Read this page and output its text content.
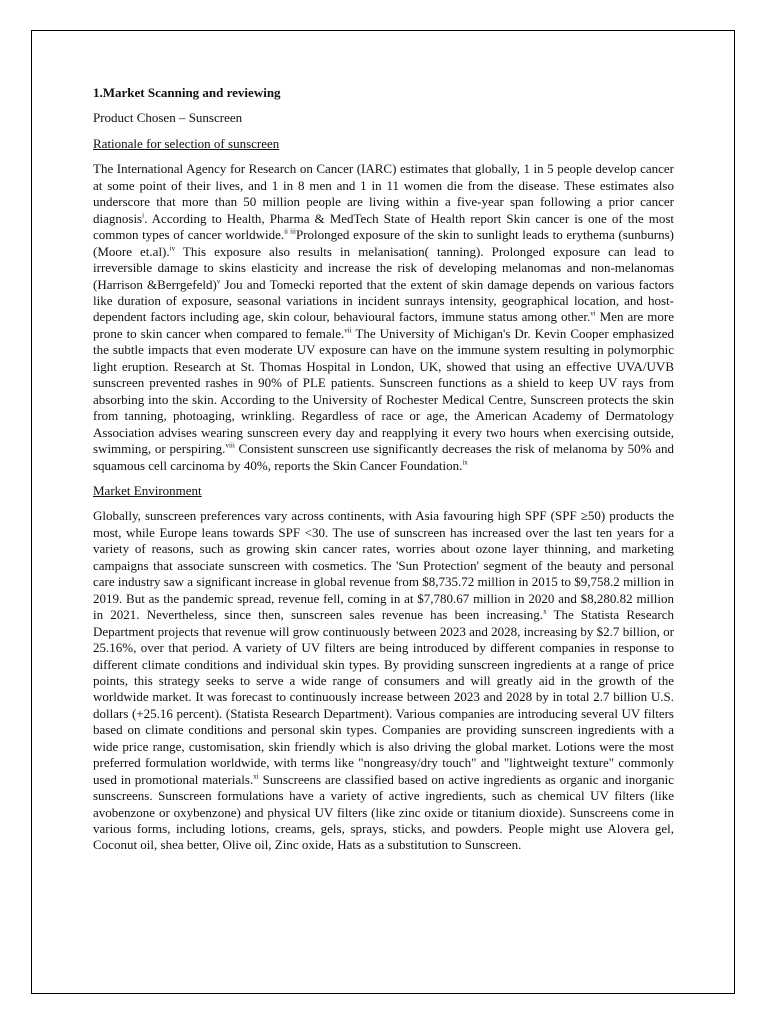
1.Market Scanning and reviewing
Product Chosen – Sunscreen
Rationale for selection of sunscreen
The International Agency for Research on Cancer (IARC) estimates that globally, 1 in 5 people develop cancer at some point of their lives, and 1 in 8 men and 1 in 11 women die from the disease. These estimates also underscore that more than 50 million people are living within a five-year span following a prior cancer diagnosis$^i$. According to Health, Pharma & MedTech State of Health report Skin cancer is one of the most common types of cancer worldwide.$^{ii iii}$Prolonged exposure of the skin to sunlight leads to erythema (sunburns)(Moore et.al).$^{iv}$ This exposure also results in melanisation( tanning). Prolonged exposure can lead to irreversible damage to skins elasticity and increase the risk of developing melanomas and non-melanomas (Harrison &Berrgefeld)$^v$ Jou and Tomecki reported that the extent of skin damage depends on various factors like duration of exposure, seasonal variations in incident sunrays intensity, geographical location, and host-dependent factors including age, skin colour, behavioural factors, immune status among other.$^{vi}$ Men are more prone to skin cancer when compared to female.$^{vii}$ The University of Michigan's Dr. Kevin Cooper emphasized the subtle impacts that even moderate UV exposure can have on the immune system resulting in polymorphic light eruption. Research at St. Thomas Hospital in London, UK, showed that using an effective UVA/UVB sunscreen prevented rashes in 90% of PLE patients. Sunscreen functions as a shield to keep UV rays from absorbing into the skin. According to the University of Rochester Medical Centre, Sunscreen protects the skin from tanning, photoaging, wrinkling. Regardless of race or age, the American Academy of Dermatology Association advises wearing sunscreen every day and reapplying it every two hours when exercising outside, swimming, or perspiring.$^{viii}$ Consistent sunscreen use significantly decreases the risk of melanoma by 50% and squamous cell carcinoma by 40%, reports the Skin Cancer Foundation.$^{ix}$
Market Environment
Globally, sunscreen preferences vary across continents, with Asia favouring high SPF (SPF ≥50) products the most, while Europe leans towards SPF <30. The use of sunscreen has increased over the last ten years for a variety of reasons, such as growing skin cancer rates, worries about ozone layer thinning, and marketing campaigns that associate sunscreen with cosmetics. The 'Sun Protection' segment of the beauty and personal care industry saw a significant increase in global revenue from $8,735.72 million in 2015 to $9,758.2 million in 2019. But as the pandemic spread, revenue fell, coming in at $7,780.67 million in 2020 and $8,280.82 million in 2021. Nevertheless, since then, sunscreen sales revenue has been increasing.$^x$ The Statista Research Department projects that revenue will grow continuously between 2023 and 2028, increasing by $2.7 billion, or 25.16%, over that period. A variety of UV filters are being introduced by different companies in response to different climate conditions and individual skin types. By providing sunscreen ingredients at a range of price points, this strategy seeks to serve a wide range of consumers and will greatly aid in the growth of the worldwide market. It was forecast to continuously increase between 2023 and 2028 by in total 2.7 billion U.S. dollars (+25.16 percent). (Statista Research Department). Various companies are introducing several UV filters based on climate conditions and personal skin types. Companies are providing sunscreen ingredients with a wide price range, customisation, skin friendly which is also driving the global market. Lotions were the most preferred formulation worldwide, with terms like "nongreasy/dry touch" and "lightweight texture" commonly used in promotional materials.$^{xi}$ Sunscreens are classified based on active ingredients as organic and inorganic sunscreens. Sunscreen formulations have a variety of active ingredients, such as chemical UV filters (like avobenzone or oxybenzone) and physical UV filters (like zinc oxide or titanium dioxide). Sunscreens come in various forms, including lotions, creams, gels, sprays, sticks, and powders. People might use Alovera gel, Coconut oil, shea better, Olive oil, Zinc oxide, Hats as a substitution to Sunscreen.
